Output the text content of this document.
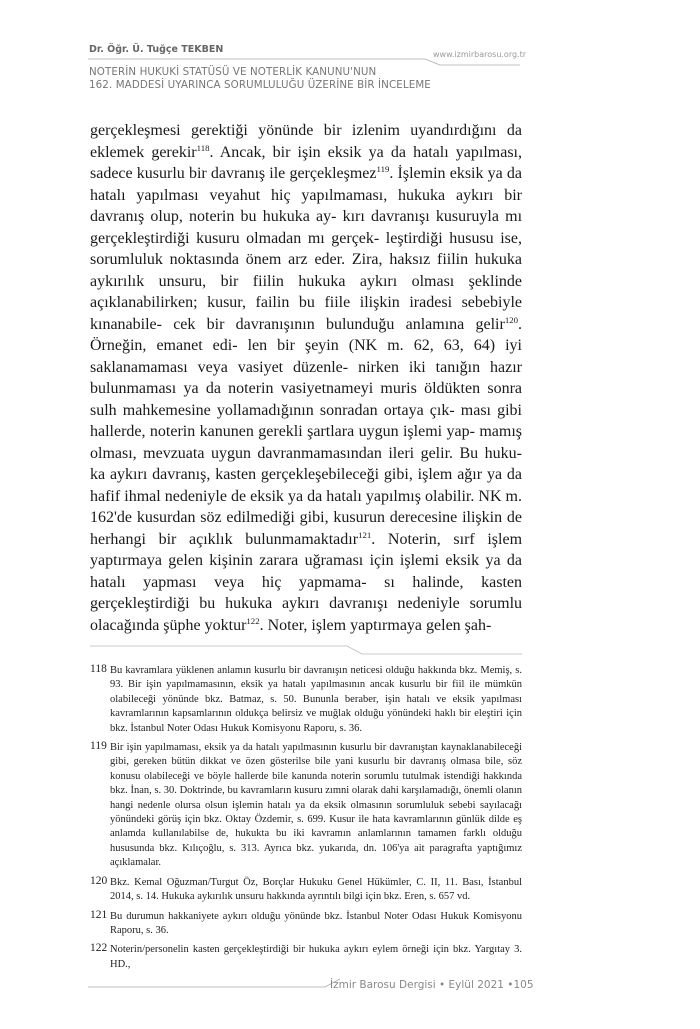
Dr. Öğr. Ü. Tuğçe TEKBEN	www.izmirbarosu.org.tr
NOTERİN HUKUKİ STATÜSÜ VE NOTERLİK KANUNU'NUN
162. MADDESİ UYARINCA SORUMLULUĞU ÜZERİNE BİR İNCELEME
gerçekleşmesi gerektiği yönünde bir izlenim uyandırdığını da eklemek gerekir$^{118}$. Ancak, bir işin eksik ya da hatalı yapılması, sadece kusurlu bir davranış ile gerçekleşmez$^{119}$. İşlemin eksik ya da hatalı yapılması veyahut hiç yapılmaması, hukuka aykırı bir davranış olup, noterin bu hukuka ay- kırı davranışı kusuruyla mı gerçekleştirdiği kusuru olmadan mı gerçek- leştirdiği hususu ise, sorumluluk noktasında önem arz eder. Zira, haksız fiilin hukuka aykırılık unsuru, bir fiilin hukuka aykırı olması şeklinde açıklanabilirken; kusur, failin bu fiile ilişkin iradesi sebebiyle kınanabile- cek bir davranışının bulunduğu anlamına gelir$^{120}$. Örneğin, emanet edi- len bir şeyin (NK m. 62, 63, 64) iyi saklanamaması veya vasiyet düzenle- nirken iki tanığın hazır bulunmaması ya da noterin vasiyetnameyi muris öldükten sonra sulh mahkemesine yollamadığının sonradan ortaya çık- ması gibi hallerde, noterin kanunen gerekli şartlara uygun işlemi yap- mamış olması, mevzuata uygun davranmamasından ileri gelir. Bu huku- ka aykırı davranış, kasten gerçekleşebileceği gibi, işlem ağır ya da hafif ihmal nedeniyle de eksik ya da hatalı yapılmış olabilir. NK m. 162'de kusurdan söz edilmediği gibi, kusurun derecesine ilişkin de herhangi bir açıklık bulunmamaktadır$^{121}$. Noterin, sırf işlem yaptırmaya gelen kişinin zarara uğraması için işlemi eksik ya da hatalı yapması veya hiç yapmama- sı halinde, kasten gerçekleştirdiği bu hukuka aykırı davranışı nedeniyle sorumlu olacağında şüphe yoktur$^{122}$. Noter, işlem yaptırmaya gelen şah-
118 Bu kavramlara yüklenen anlamın kusurlu bir davranışın neticesi olduğu hakkında bkz. Memiş, s. 93. Bir işin yapılmamasının, eksik ya hatalı yapılmasının ancak kusurlu bir fiil ile mümkün olabileceği yönünde bkz. Batmaz, s. 50. Bununla beraber, işin hatalı ve eksik yapılması kavramlarının kapsamlarının oldukça belirsiz ve muğlak olduğu yönündeki haklı bir eleştiri için bkz. İstanbul Noter Odası Hukuk Komisyonu Raporu, s. 36.
119 Bir işin yapılmaması, eksik ya da hatalı yapılmasının kusurlu bir davranıştan kaynaklanabileceği gibi, gereken bütün dikkat ve özen gösterilse bile yani kusurlu bir davranış olmasa bile, söz konusu olabileceği ve böyle hallerde bile kanunda noterin sorumlu tutulmak istendiği hakkında bkz. İnan, s. 30. Doktrinde, bu kavramların kusuru zımni olarak dahi karşılamadığı, önemli olanın hangi nedenle olursa olsun işlemin hatalı ya da eksik olmasının sorumluluk sebebi sayılacağı yönündeki görüş için bkz. Oktay Özdemir, s. 699. Kusur ile hata kavramlarının günlük dilde eş anlamda kullanılabilse de, hukukta bu iki kavramın anlamlarının tamamen farklı olduğu hususunda bkz. Kılıçoğlu, s. 313. Ayrıca bkz. yukarıda, dn. 106'ya ait paragrafta yaptığımız açıklamalar.
120 Bkz. Kemal Oğuzman/Turgut Öz, Borçlar Hukuku Genel Hükümler, C. II, 11. Bası, İstanbul 2014, s. 14. Hukuka aykırılık unsuru hakkında ayrıntılı bilgi için bkz. Eren, s. 657 vd.
121 Bu durumun hakkaniyete aykırı olduğu yönünde bkz. İstanbul Noter Odası Hukuk Komisyonu Raporu, s. 36.
122 Noterin/personelin kasten gerçekleştirdiği bir hukuka aykırı eylem örneği için bkz. Yargıtay 3. HD.,
İzmir Barosu Dergisi • Eylül 2021 • 105
